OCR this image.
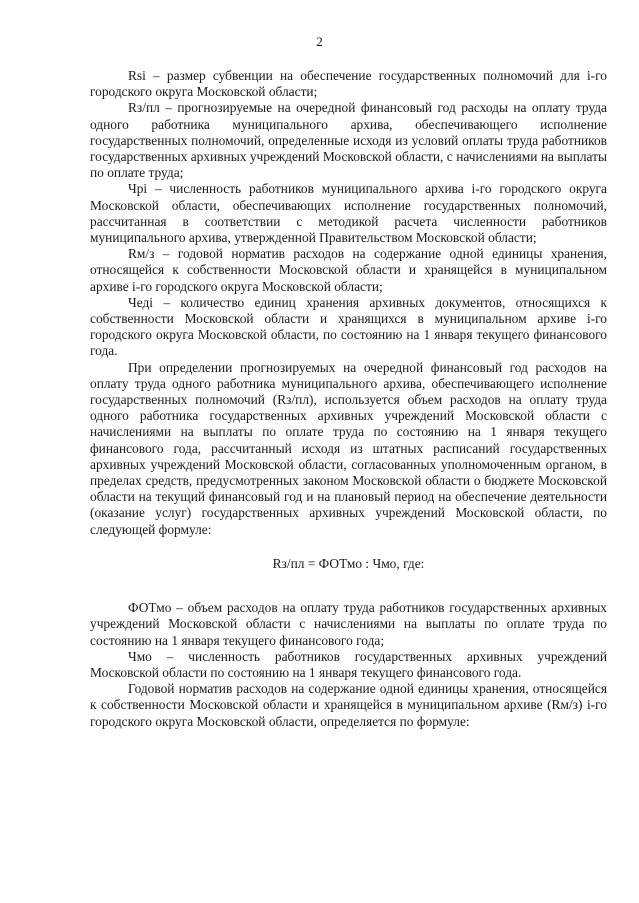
2

Rsi – размер субвенции на обеспечение государственных полномочий для i-го городского округа Московской области;

Rз/пл – прогнозируемые на очередной финансовый год расходы на оплату труда одного работника муниципального архива, обеспечивающего исполнение государственных полномочий, определенные исходя из условий оплаты труда работников государственных архивных учреждений Московской области, с начислениями на выплаты по оплате труда;

Чрi – численность работников муниципального архива i-го городского округа Московской области, обеспечивающих исполнение государственных полномочий, рассчитанная в соответствии с методикой расчета численности работников муниципального архива, утвержденной Правительством Московской области;

Rм/з – годовой норматив расходов на содержание одной единицы хранения, относящейся к собственности Московской области и хранящейся в муниципальном архиве i-го городского округа Московской области;

Чедi – количество единиц хранения архивных документов, относящихся к собственности Московской области и хранящихся в муниципальном архиве i-го городского округа Московской области, по состоянию на 1 января текущего финансового года.

При определении прогнозируемых на очередной финансовый год расходов на оплату труда одного работника муниципального архива, обеспечивающего исполнение государственных полномочий (Rз/пл), используется объем расходов на оплату труда одного работника государственных архивных учреждений Московской области с начислениями на выплаты по оплате труда по состоянию на 1 января текущего финансового года, рассчитанный исходя из штатных расписаний государственных архивных учреждений Московской области, согласованных уполномоченным органом, в пределах средств, предусмотренных законом Московской области о бюджете Московской области на текущий финансовый год и на плановый период на обеспечение деятельности (оказание услуг) государственных архивных учреждений Московской области, по следующей формуле:

Rз/пл = ФОТмо : Чмо, где:

ФОТмо – объем расходов на оплату труда работников государственных архивных учреждений Московской области с начислениями на выплаты по оплате труда по состоянию на 1 января текущего финансового года;

Чмо – численность работников государственных архивных учреждений Московской области по состоянию на 1 января текущего финансового года.

Годовой норматив расходов на содержание одной единицы хранения, относящейся к собственности Московской области и хранящейся в муниципальном архиве (Rм/з) i-го городского округа Московской области, определяется по формуле:
